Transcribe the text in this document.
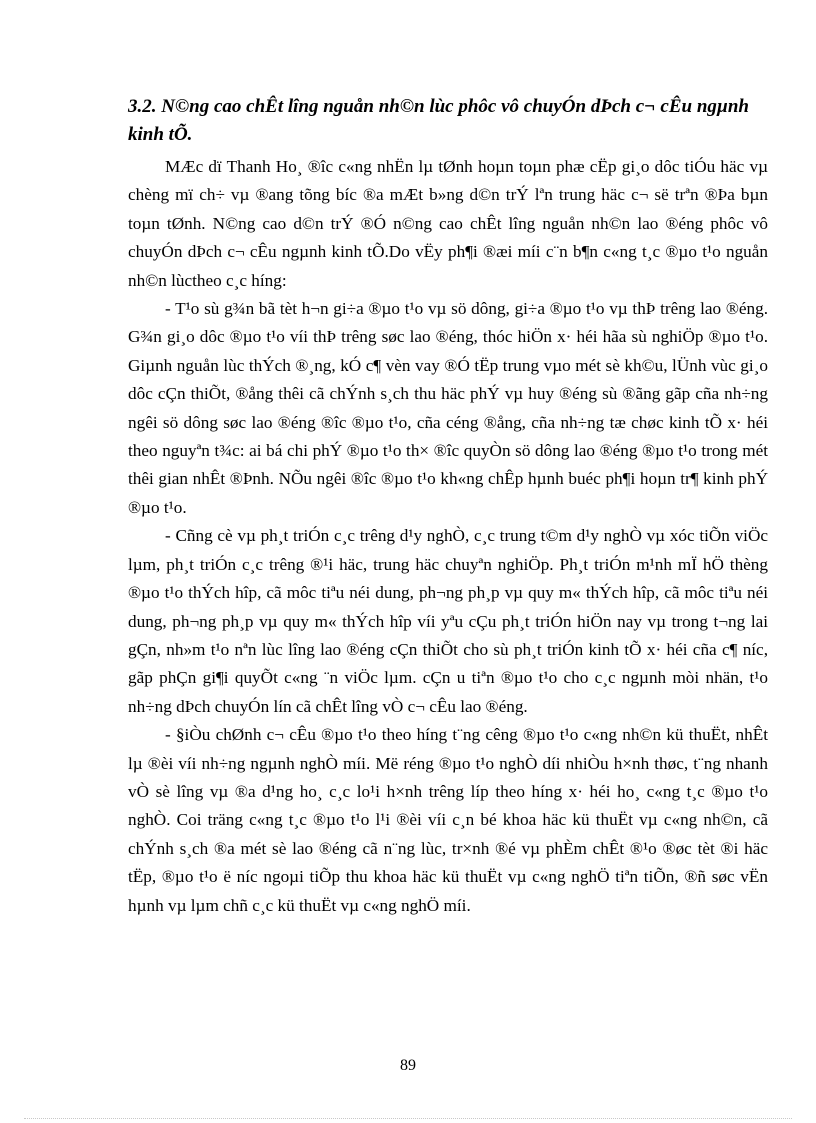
3.2. N©ng cao chÊt lîng nguån nh©n lùc phôc vô chuyÓn dÞch c¬ cÊu ngµnh kinh tÕ.

MÆc dï Thanh Ho¸ ®îc c«ng nhËn lµ tØnh hoµn toµn phæ cËp gi¸o dôc tiÓu häc vµ chèng mï ch÷ vµ ®ang tõng bíc ®a mÆt b»ng d©n trÝ lªn trung häc c¬ së trªn ®Þa bµn toµn tØnh. N©ng cao d©n trÝ ®Ó n©ng cao chÊt lîng nguån nh©n lao ®éng phôc vô chuyÓn dÞch c¬ cÊu ngµnh kinh tÕ.Do vËy ph¶i ®æi míi c¨n b¶n c«ng t¸c ®µo t¹o nguån nh©n lùctheo c¸c híng:

- T¹o sù g¾n bã tèt h¬n gi÷a ®µo t¹o vµ sö dông, gi÷a ®µo t¹o vµ thÞ trêng lao ®éng. G¾n gi¸o dôc ®µo t¹o víi thÞ trêng søc lao ®éng, thóc hiÖn x· héi hãa sù nghiÖp ®µo t¹o. Giµnh nguån lùc thÝch ®¸ng, kÓ c¶ vèn vay ®Ó tËp trung vµo mét sè kh©u, lÜnh vùc gi¸o dôc cÇn thiÕt, ®ång thêi cã chÝnh s¸ch thu häc phÝ vµ huy ®éng sù ®ãng gãp cña nh÷ng ngêi sö dông søc lao ®éng ®îc ®µo t¹o, cña céng ®ång, cña nh÷ng tæ chøc kinh tÕ x· héi theo nguyªn t¾c: ai bá chi phÝ ®µo t¹o th× ®îc quyÒn sö dông lao ®éng ®µo t¹o trong mét thêi gian nhÊt ®Þnh. NÕu ngêi ®îc ®µo t¹o kh«ng chÊp hµnh buéc ph¶i hoµn tr¶ kinh phÝ ®µo t¹o.

- Cñng cè vµ ph¸t triÓn c¸c trêng d¹y nghÒ, c¸c trung t©m d¹y nghÒ vµ xóc tiÕn viÖc lµm, ph¸t triÓn c¸c trêng ®¹i häc, trung häc chuyªn nghiÖp. Ph¸t triÓn m¹nh mÏ hÖ thèng ®µo t¹o thÝch hîp, cã môc tiªu néi dung, ph¬ng ph¸p vµ quy m« thÝch hîp, cã môc tiªu néi dung, ph¬ng ph¸p vµ quy m« thÝch hîp víi yªu cÇu ph¸t triÓn hiÖn nay vµ trong t¬ng lai gÇn, nh»m t¹o nªn lùc lîng lao ®éng cÇn thiÕt cho sù ph¸t triÓn kinh tÕ x· héi cña c¶ níc, gãp phÇn gi¶i quyÕt c«ng ¨n viÖc lµm. cÇn u tiªn ®µo t¹o cho c¸c ngµnh mòi nhän, t¹o nh÷ng dÞch chuyÓn lín cã chÊt lîng vÒ c¬ cÊu lao ®éng.

- §iÒu chØnh c¬ cÊu ®µo t¹o theo híng t¨ng cêng ®µo t¹o c«ng nh©n kü thuËt, nhÊt lµ ®èi víi nh÷ng ngµnh nghÒ míi. Më réng ®µo t¹o nghÒ díi nhiÒu h×nh thøc, t¨ng nhanh vÒ sè lîng vµ ®a d¹ng ho¸ c¸c lo¹i h×nh trêng líp theo híng x· héi ho¸ c«ng t¸c ®µo t¹o nghÒ. Coi träng c«ng t¸c ®µo t¹o l¹i ®èi víi c¸n bé khoa häc kü thuËt vµ c«ng nh©n, cã chÝnh s¸ch ®a mét sè lao ®éng cã n¨ng lùc, tr×nh ®é vµ phÈm chÊt ®¹o ®øc tèt ®i häc tËp, ®µo t¹o ë níc ngoµi tiÕp thu khoa häc kü thuËt vµ c«ng nghÖ tiªn tiÕn, ®ñ søc vËn hµnh vµ lµm chñ c¸c kü thuËt vµ c«ng nghÖ míi.

89
